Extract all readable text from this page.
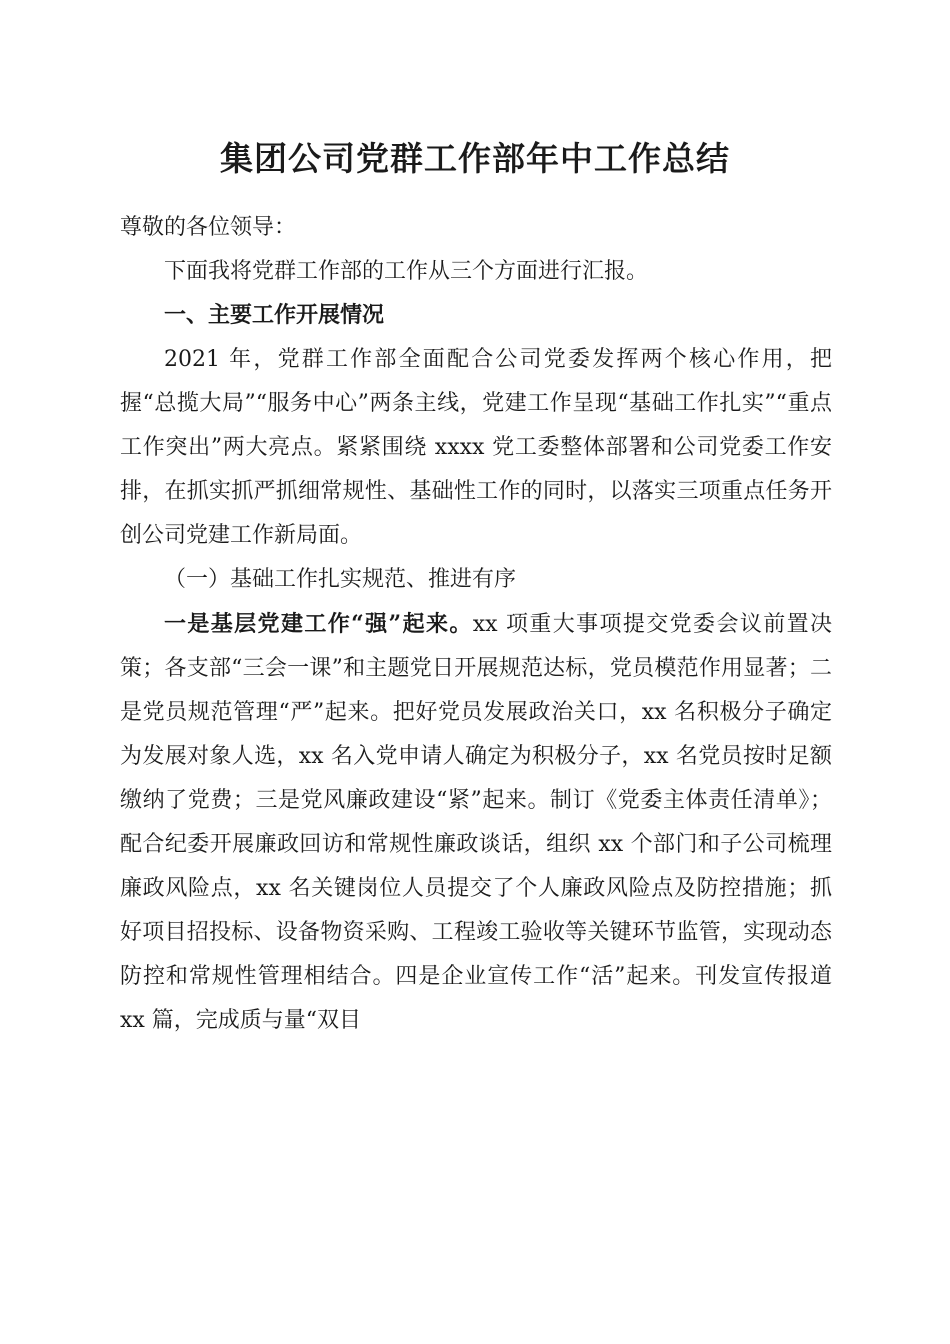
集团公司党群工作部年中工作总结

尊敬的各位领导：

下面我将党群工作部的工作从三个方面进行汇报。

一、主要工作开展情况

2021 年，党群工作部全面配合公司党委发挥两个核心作用，把握“总揽大局”“服务中心”两条主线，党建工作呈现“基础工作扎实”“重点工作突出”两大亮点。紧紧围绕 xxxx 党工委整体部署和公司党委工作安排，在抓实抓严抓细常规性、基础性工作的同时，以落实三项重点任务开创公司党建工作新局面。

（一）基础工作扎实规范、推进有序

一是基层党建工作“强”起来。xx 项重大事项提交党委会议前置决策；各支部“三会一课”和主题党日开展规范达标，党员模范作用显著；二是党员规范管理“严”起来。把好党员发展政治关口，xx 名积极分子确定为发展对象人选，xx 名入党申请人确定为积极分子，xx 名党员按时足额缴纳了党费；三是党风廉政建设“紧”起来。制订《党委主体责任清单》；配合纪委开展廉政回访和常规性廉政谈话，组织 xx 个部门和子公司梳理廉政风险点，xx 名关键岗位人员提交了个人廉政风险点及防控措施；抓好项目招投标、设备物资采购、工程竣工验收等关键环节监管，实现动态防控和常规性管理相结合。四是企业宣传工作“活”起来。刊发宣传报道 xx 篇，完成质与量“双目
